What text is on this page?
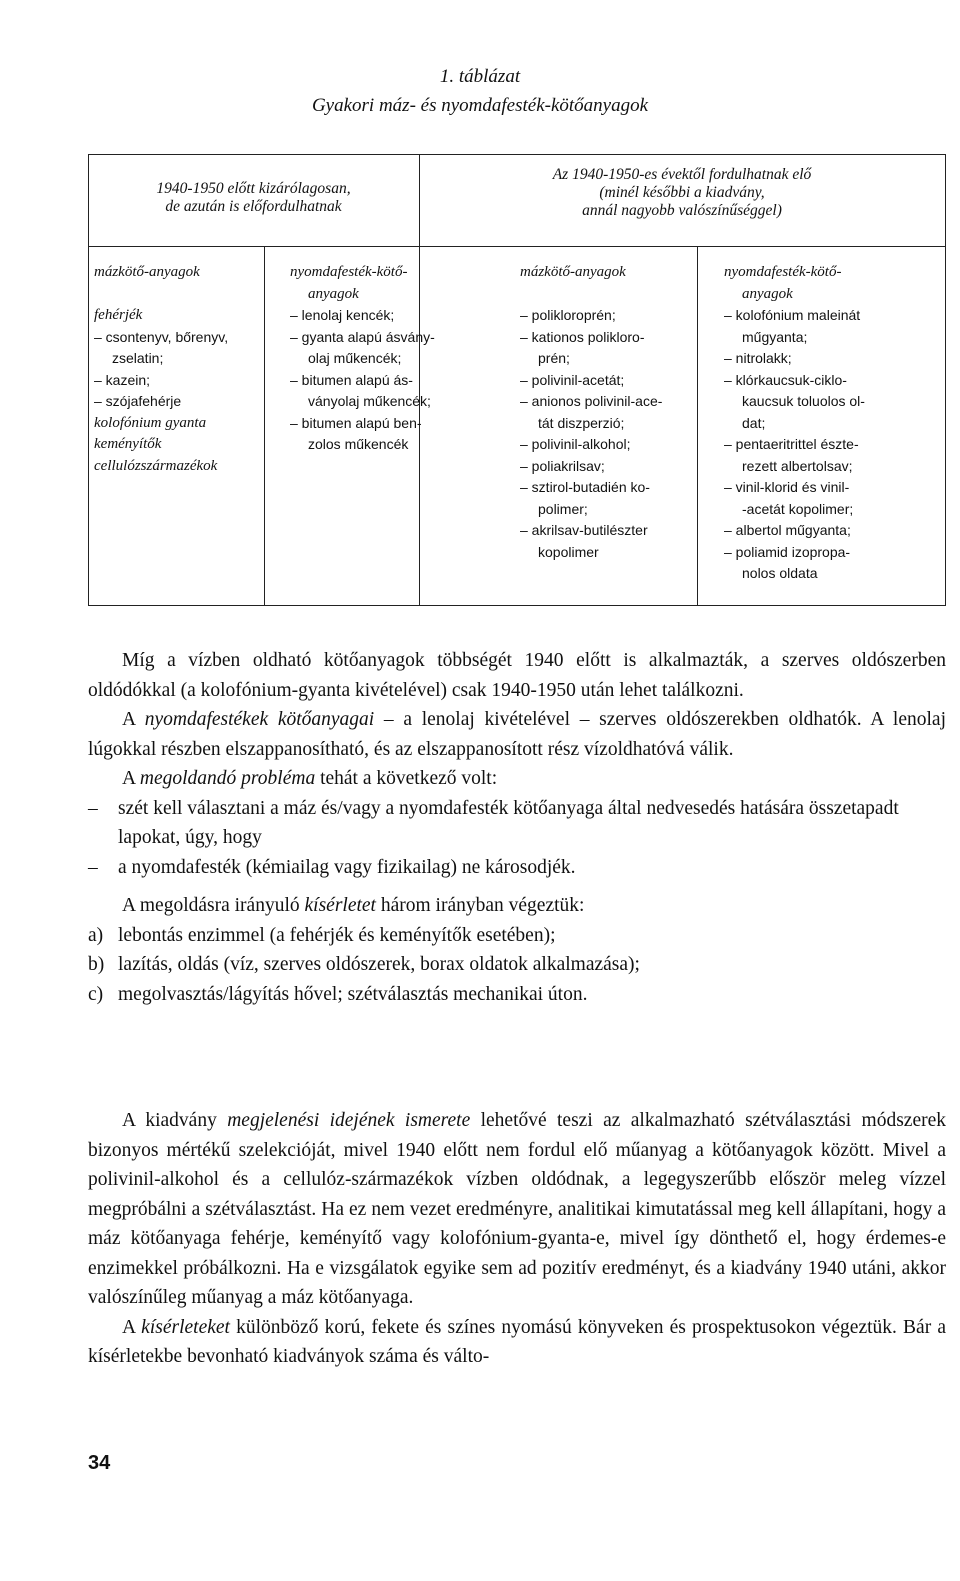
1. táblázat
Gyakori máz- és nyomdafesték-kötőanyagok
1940-1950 előtt kizárólagosan,
de azután is előfordulhatnak
Az 1940-1950-es évektől fordulhatnak elő
(minél későbbi a kiadvány,
annál nagyobb valószínűséggel)
mázkötő-anyagok

fehérjék
– csontenyv, bőrenyv,
zselatin;
– kazein;
– szójafehérje
kolofónium gyanta
keményítők
cellulózszármazékok
nyomdafesték-kötő-
anyagok
– lenolaj kencék;
– gyanta alapú ásvány-
olaj műkencék;
– bitumen alapú ás-
ványolaj műkencék;
– bitumen alapú ben-
zolos műkencék
mázkötő-anyagok

– polikloroprén;
– kationos polikloro-
prén;
– polivinil-acetát;
– anionos polivinil-ace-
tát diszperzió;
– polivinil-alkohol;
– poliakrilsav;
– sztirol-butadién ko-
polimer;
– akrilsav-butilészter
kopolimer
nyomdafesték-kötő-
anyagok
– kolofónium maleinát
műgyanta;
– nitrolakk;
– klórkaucsuk-ciklo-
kaucsuk toluolos ol-
dat;
– pentaeritrittel észte-
rezett albertolsav;
– vinil-klorid és vinil-
-acetát kopolimer;
– albertol műgyanta;
– poliamid izopropa-
nolos oldata

Míg a vízben oldható kötőanyagok többségét 1940 előtt is alkalmazták, a szerves oldószerben oldódókkal (a kolofónium-gyanta kivételével) csak 1940-1950 után lehet találkozni.

A nyomdafestékek kötőanyagai – a lenolaj kivételével – szerves oldószerekben oldhatók. A lenolaj lúgokkal részben elszappanosítható, és az elszappanosított rész vízoldhatóvá válik.

A megoldandó probléma tehát a következő volt:

–	szét kell választani a máz és/vagy a nyomdafesték kötőanyaga által nedvesedés hatására összetapadt lapokat, úgy, hogy
–	a nyomdafesték (kémiailag vagy fizikailag) ne károsodjék.

A megoldásra irányuló kísérletet három irányban végeztük:

a) lebontás enzimmel (a fehérjék és keményítők esetében);
b) lazítás, oldás (víz, szerves oldószerek, borax oldatok alkalmazása);
c) megolvasztás/lágyítás hővel; szétválasztás mechanikai úton.

A kiadvány megjelenési idejének ismerete lehetővé teszi az alkalmazható szétválasztási módszerek bizonyos mértékű szelekcióját, mivel 1940 előtt nem fordul elő műanyag a kötőanyagok között. Mivel a polivinil-alkohol és a cellulóz-származékok vízben oldódnak, a legegyszerűbb először meleg vízzel megpróbálni a szétválasztást. Ha ez nem vezet eredményre, analitikai kimutatással meg kell állapítani, hogy a máz kötőanyaga fehérje, keményítő vagy kolofónium-gyanta-e, mivel így dönthető el, hogy érdemes-e enzimekkel próbálkozni. Ha e vizsgálatok egyike sem ad pozitív eredményt, és a kiadvány 1940 utáni, akkor valószínűleg műanyag a máz kötőanyaga.

A kísérleteket különböző korú, fekete és színes nyomású könyveken és prospektusokon végeztük. Bár a kísérletekbe bevonható kiadványok száma és válto-

34
